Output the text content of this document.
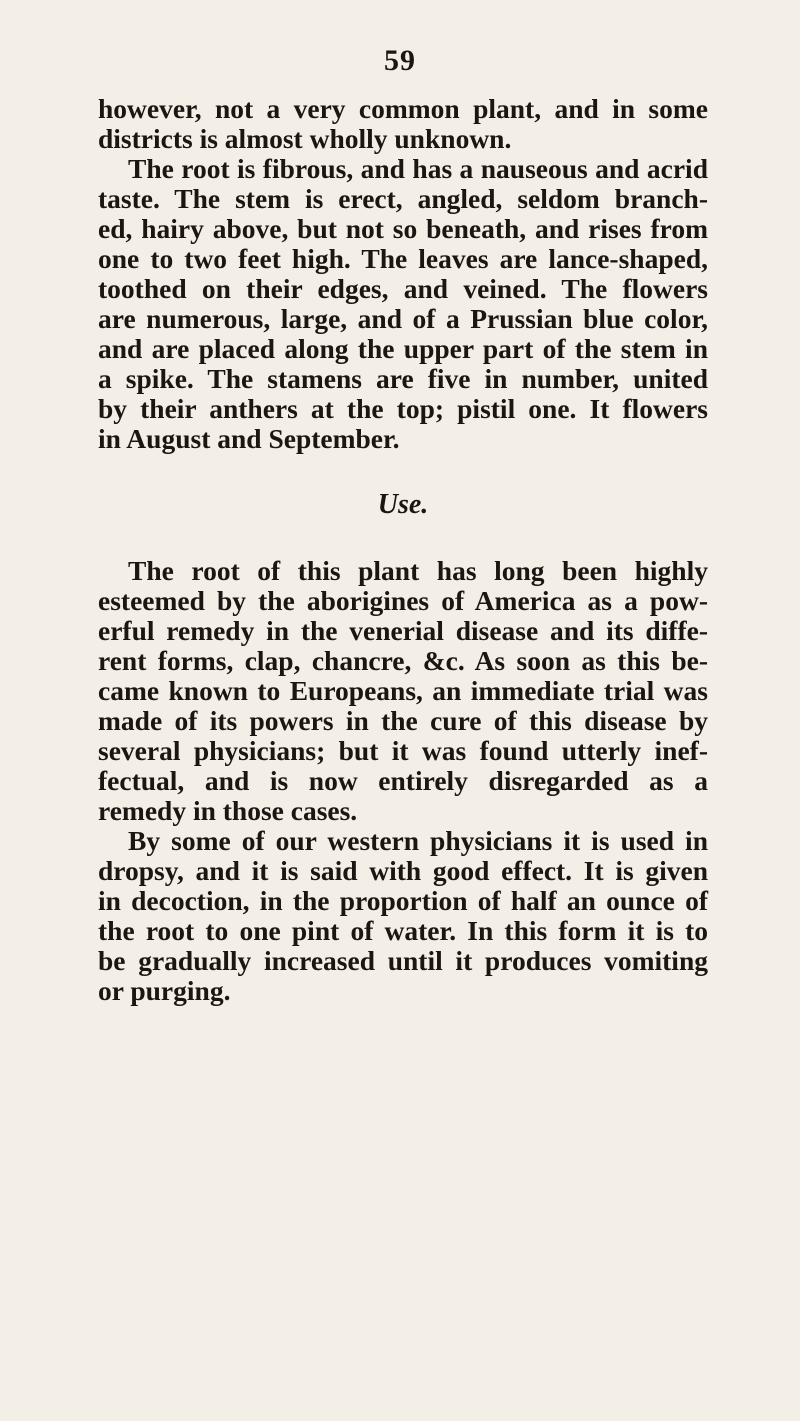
59
however, not a very common plant, and in some
districts is almost wholly unknown.
The root is fibrous, and has a nauseous and acrid
taste. The stem is erect, angled, seldom branch-
ed, hairy above, but not so beneath, and rises from
one to two feet high. The leaves are lance-shaped,
toothed on their edges, and veined. The flowers
are numerous, large, and of a Prussian blue color,
and are placed along the upper part of the stem in
a spike. The stamens are five in number, united
by their anthers at the top; pistil one. It flowers
in August and September.
Use.
The root of this plant has long been highly
esteemed by the aborigines of America as a pow-
erful remedy in the venerial disease and its diffe-
rent forms, clap, chancre, &c. As soon as this be-
came known to Europeans, an immediate trial was
made of its powers in the cure of this disease by
several physicians; but it was found utterly inef-
fectual, and is now entirely disregarded as a
remedy in those cases.
By some of our western physicians it is used in
dropsy, and it is said with good effect. It is given
in decoction, in the proportion of half an ounce of
the root to one pint of water. In this form it is to
be gradually increased until it produces vomiting
or purging.
